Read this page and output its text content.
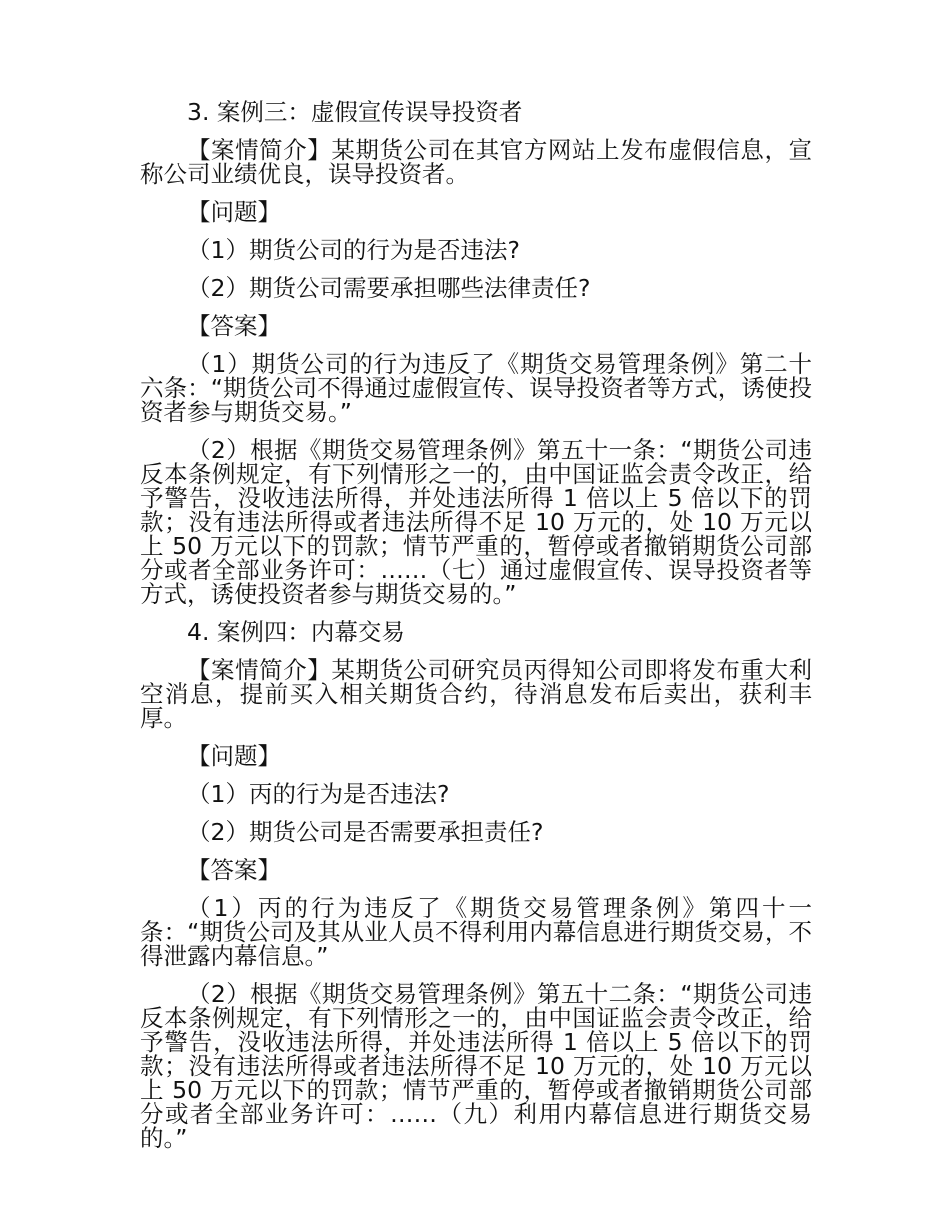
3. 案例三：虚假宣传误导投资者

【案情简介】某期货公司在其官方网站上发布虚假信息，宣称公司业绩优良，误导投资者。

【问题】

（1）期货公司的行为是否违法?

（2）期货公司需要承担哪些法律责任?

【答案】

（1）期货公司的行为违反了《期货交易管理条例》第二十六条：“期货公司不得通过虚假宣传、误导投资者等方式，诱使投资者参与期货交易。”

（2）根据《期货交易管理条例》第五十一条：“期货公司违反本条例规定，有下列情形之一的，由中国证监会责令改正，给予警告，没收违法所得，并处违法所得 1 倍以上 5 倍以下的罚款；没有违法所得或者违法所得不足 10 万元的，处 10 万元以上 50 万元以下的罚款；情节严重的，暂停或者撤销期货公司部分或者全部业务许可：……（七）通过虚假宣传、误导投资者等方式，诱使投资者参与期货交易的。”

4. 案例四：内幕交易

【案情简介】某期货公司研究员丙得知公司即将发布重大利空消息，提前买入相关期货合约，待消息发布后卖出，获利丰厚。

【问题】

（1）丙的行为是否违法?

（2）期货公司是否需要承担责任?

【答案】

（1）丙的行为违反了《期货交易管理条例》第四十一条：“期货公司及其从业人员不得利用内幕信息进行期货交易，不得泄露内幕信息。”

（2）根据《期货交易管理条例》第五十二条：“期货公司违反本条例规定，有下列情形之一的，由中国证监会责令改正，给予警告，没收违法所得，并处违法所得 1 倍以上 5 倍以下的罚款；没有违法所得或者违法所得不足 10 万元的，处 10 万元以上 50 万元以下的罚款；情节严重的，暂停或者撤销期货公司部分或者全部业务许可：……（九）利用内幕信息进行期货交易的。”
